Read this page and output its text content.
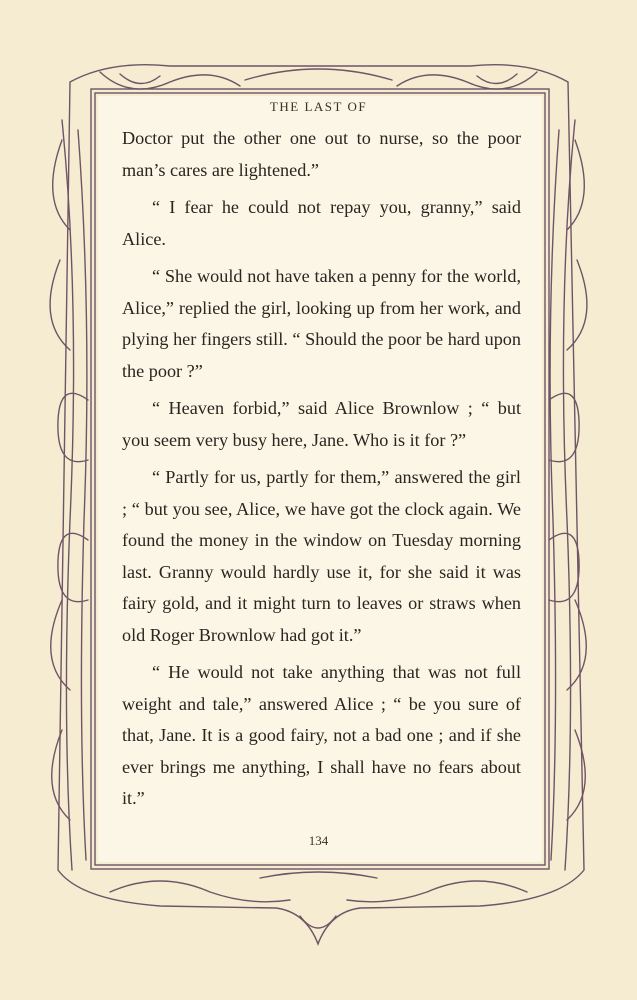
THE LAST OF

Doctor put the other one out to nurse, so the poor man’s cares are lightened.”

“ I fear he could not repay you, granny,” said Alice.

“ She would not have taken a penny for the world, Alice,” replied the girl, looking up from her work, and plying her fingers still. “ Should the poor be hard upon the poor ?”

“ Heaven forbid,” said Alice Brownlow ; “ but you seem very busy here, Jane. Who is it for ?”

“ Partly for us, partly for them,” answered the girl ; “ but you see, Alice, we have got the clock again. We found the money in the window on Tuesday morning last. Granny would hardly use it, for she said it was fairy gold, and it might turn to leaves or straws when old Roger Brownlow had got it.”

“ He would not take anything that was not full weight and tale,” answered Alice ; “ be you sure of that, Jane. It is a good fairy, not a bad one ; and if she ever brings me anything, I shall have no fears about it.”

134
